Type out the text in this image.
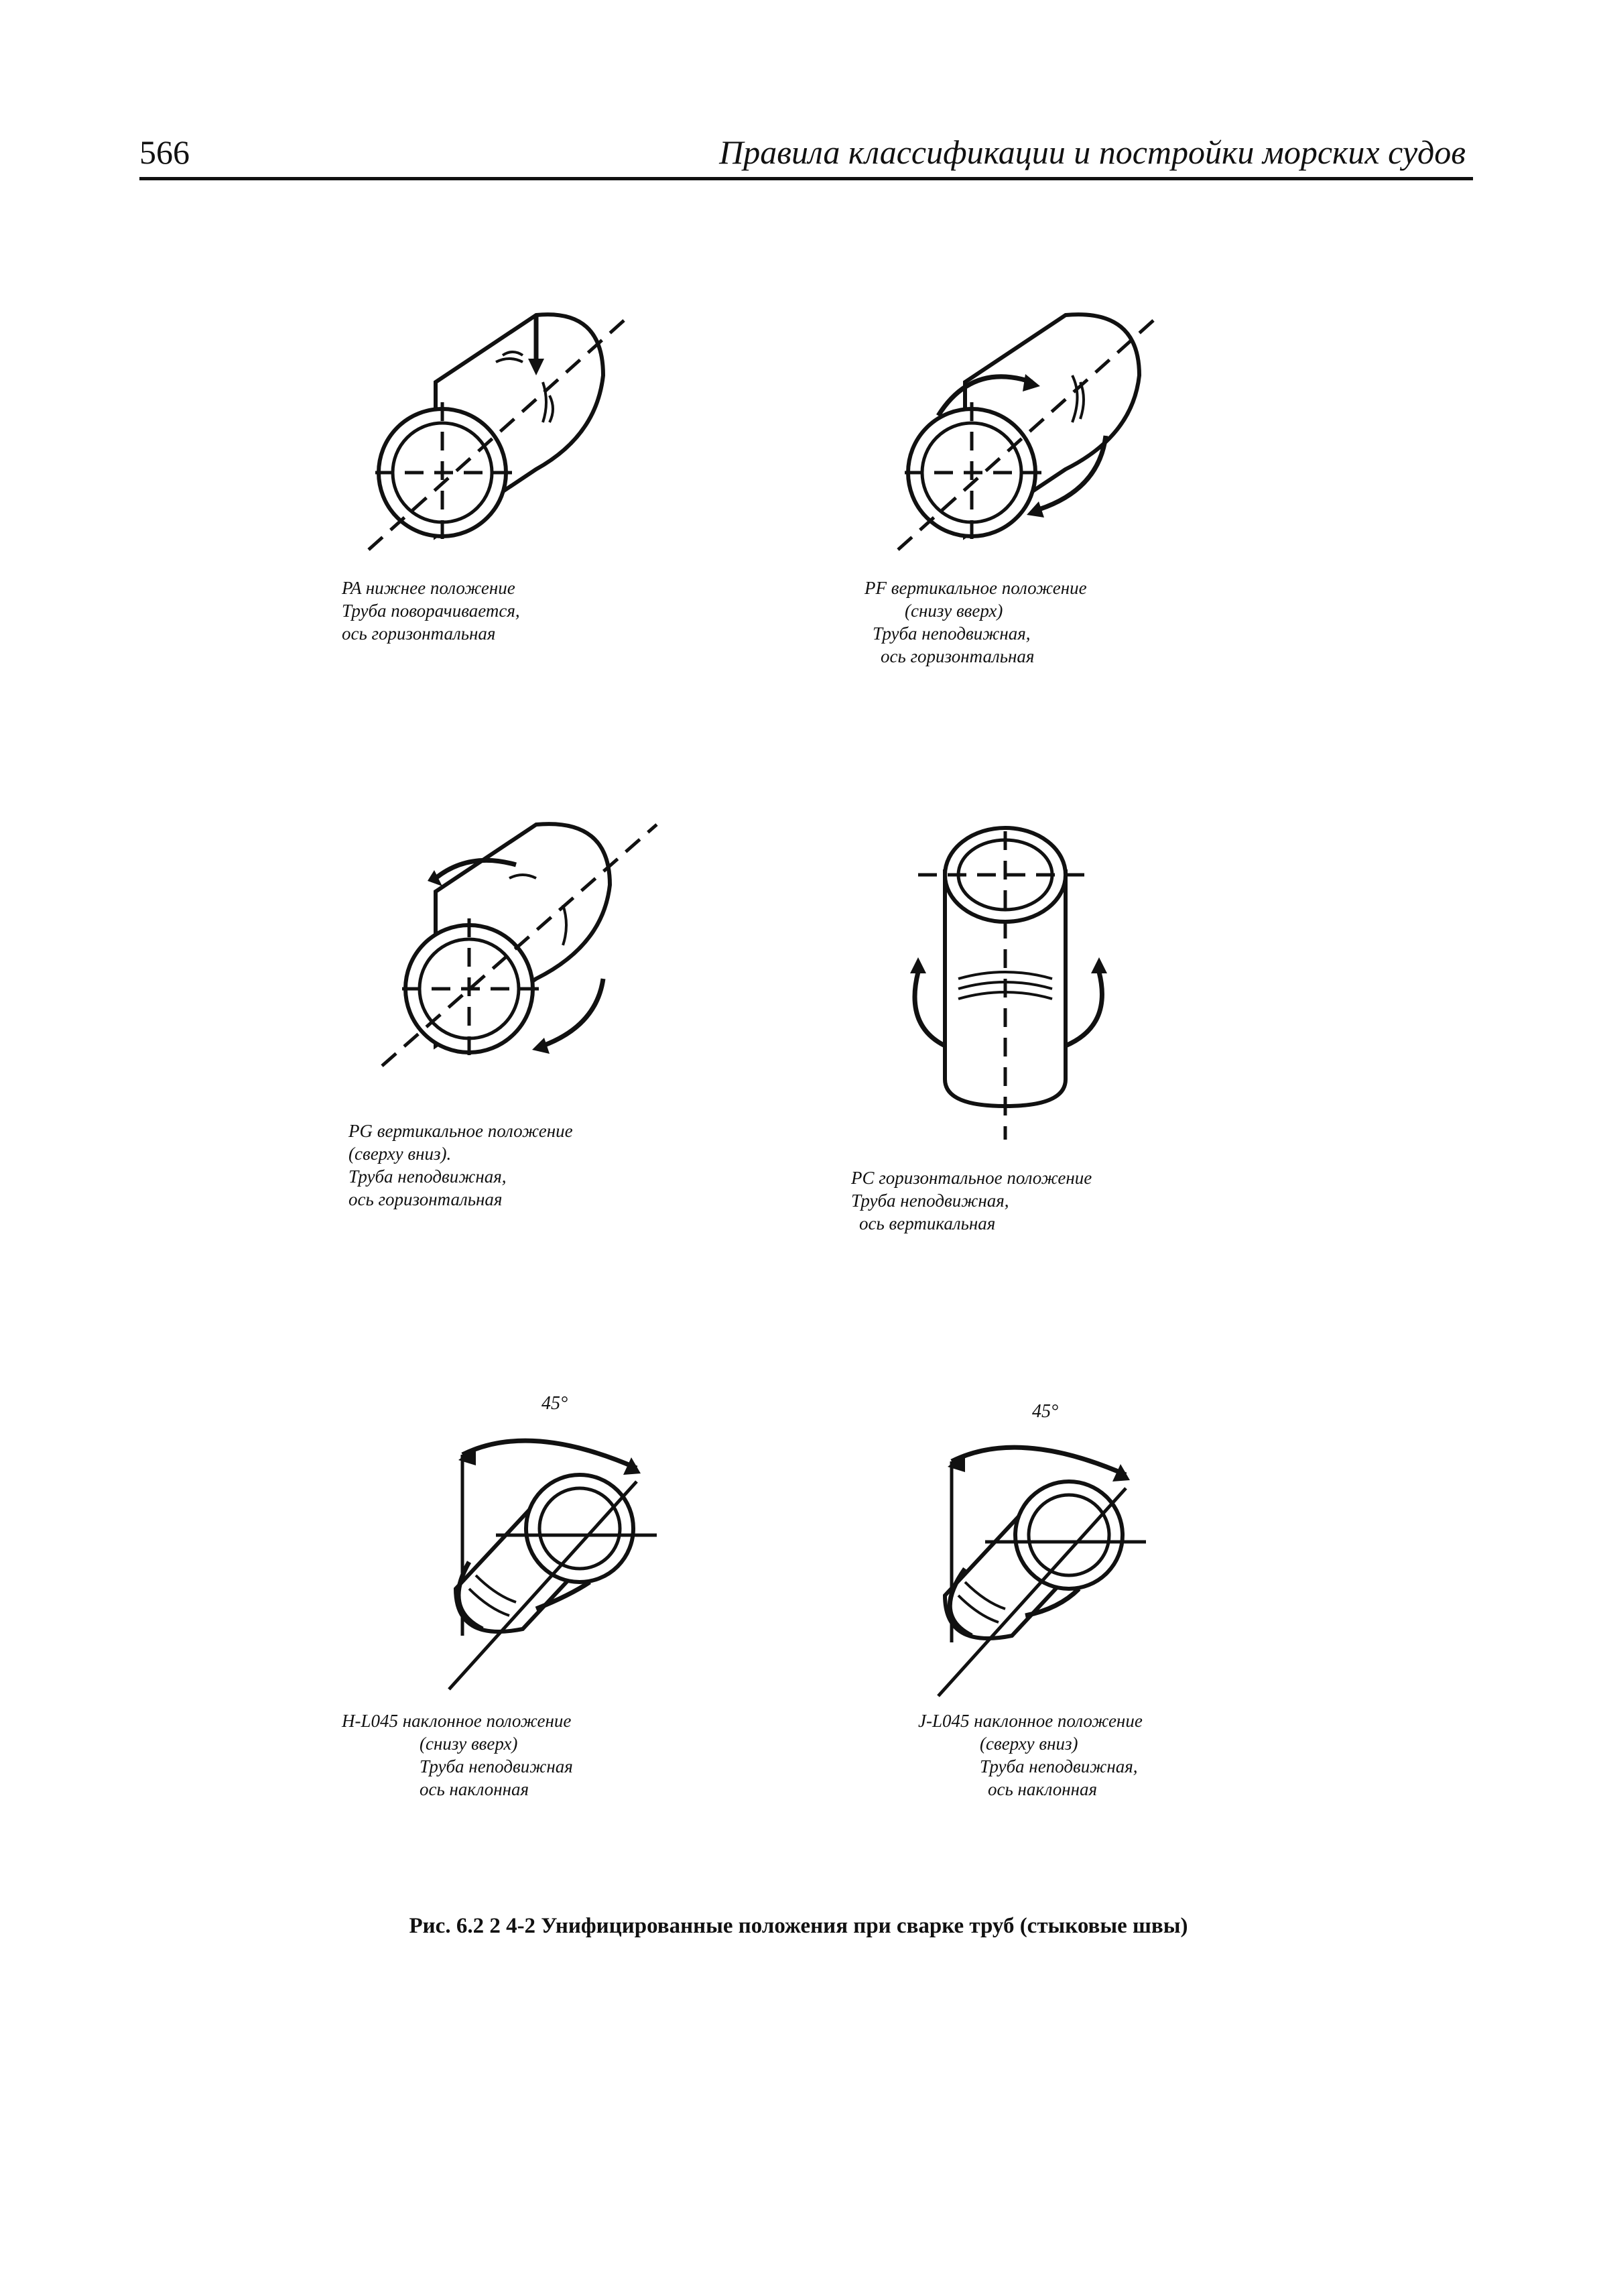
566	Правила классификации и постройки морских судов
PA нижнее положение
Труба поворачивается,
ось горизонтальная
PF вертикальное положение
(снизу вверх)
Труба неподвижная,
ось горизонтальная
PG вертикальное положение
(сверху вниз).
Труба неподвижная,
ось горизонтальная
PC горизонтальное положение
Труба неподвижная,
ось вертикальная
45°
H-L045 наклонное положение
(снизу вверх)
Труба неподвижная
ось наклонная
45°
J-L045 наклонное положение
(сверху вниз)
Труба неподвижная,
ось наклонная
Рис. 6.2 2 4-2 Унифицированные положения при сварке труб (стыковые швы)
